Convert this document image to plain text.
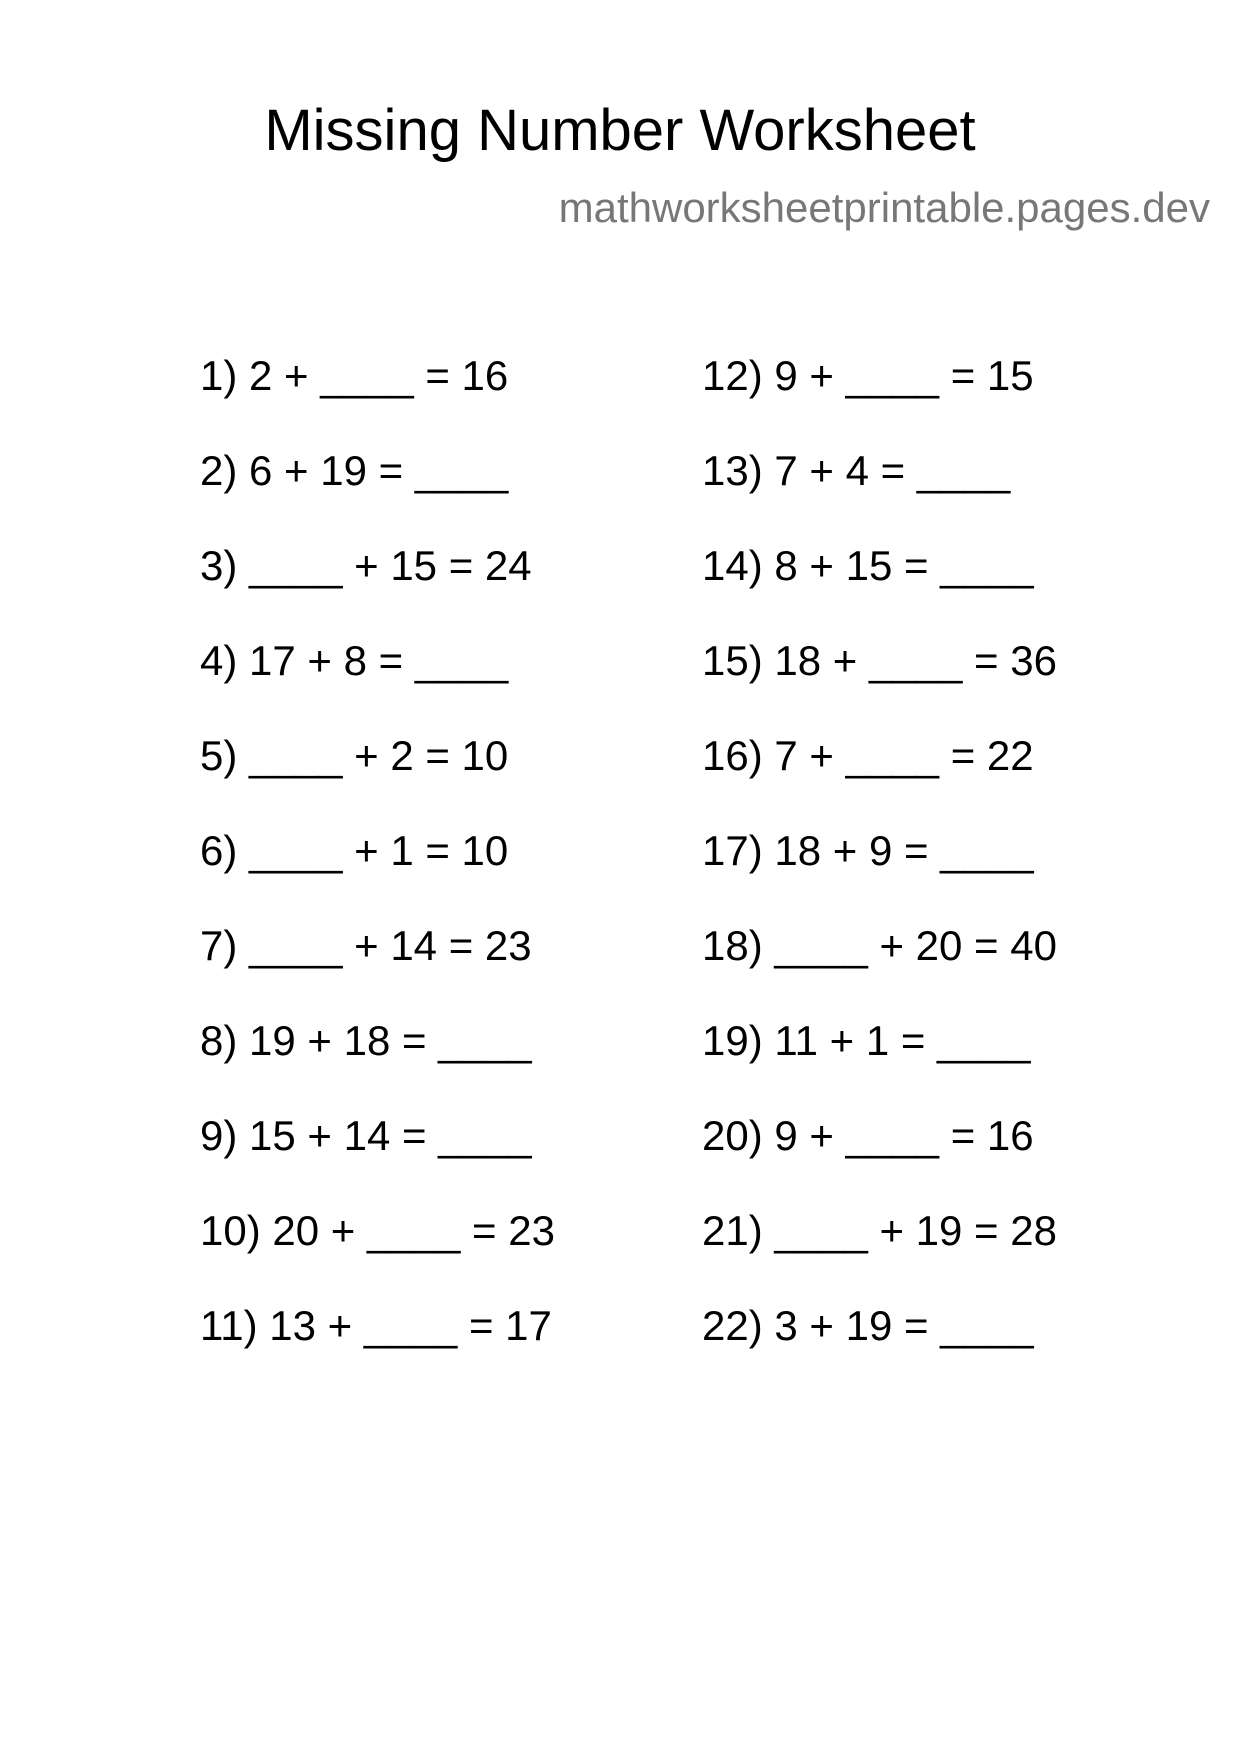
Missing Number Worksheet
mathworksheetprintable.pages.dev
1) 2 + ____ = 16
2) 6 + 19 = ____
3) ____ + 15 = 24
4) 17 + 8 = ____
5) ____ + 2 = 10
6) ____ + 1 = 10
7) ____ + 14 = 23
8) 19 + 18 = ____
9) 15 + 14 = ____
10) 20 + ____ = 23
11) 13 + ____ = 17
12) 9 + ____ = 15
13) 7 + 4 = ____
14) 8 + 15 = ____
15) 18 + ____ = 36
16) 7 + ____ = 22
17) 18 + 9 = ____
18) ____ + 20 = 40
19) 11 + 1 = ____
20) 9 + ____ = 16
21) ____ + 19 = 28
22) 3 + 19 = ____
